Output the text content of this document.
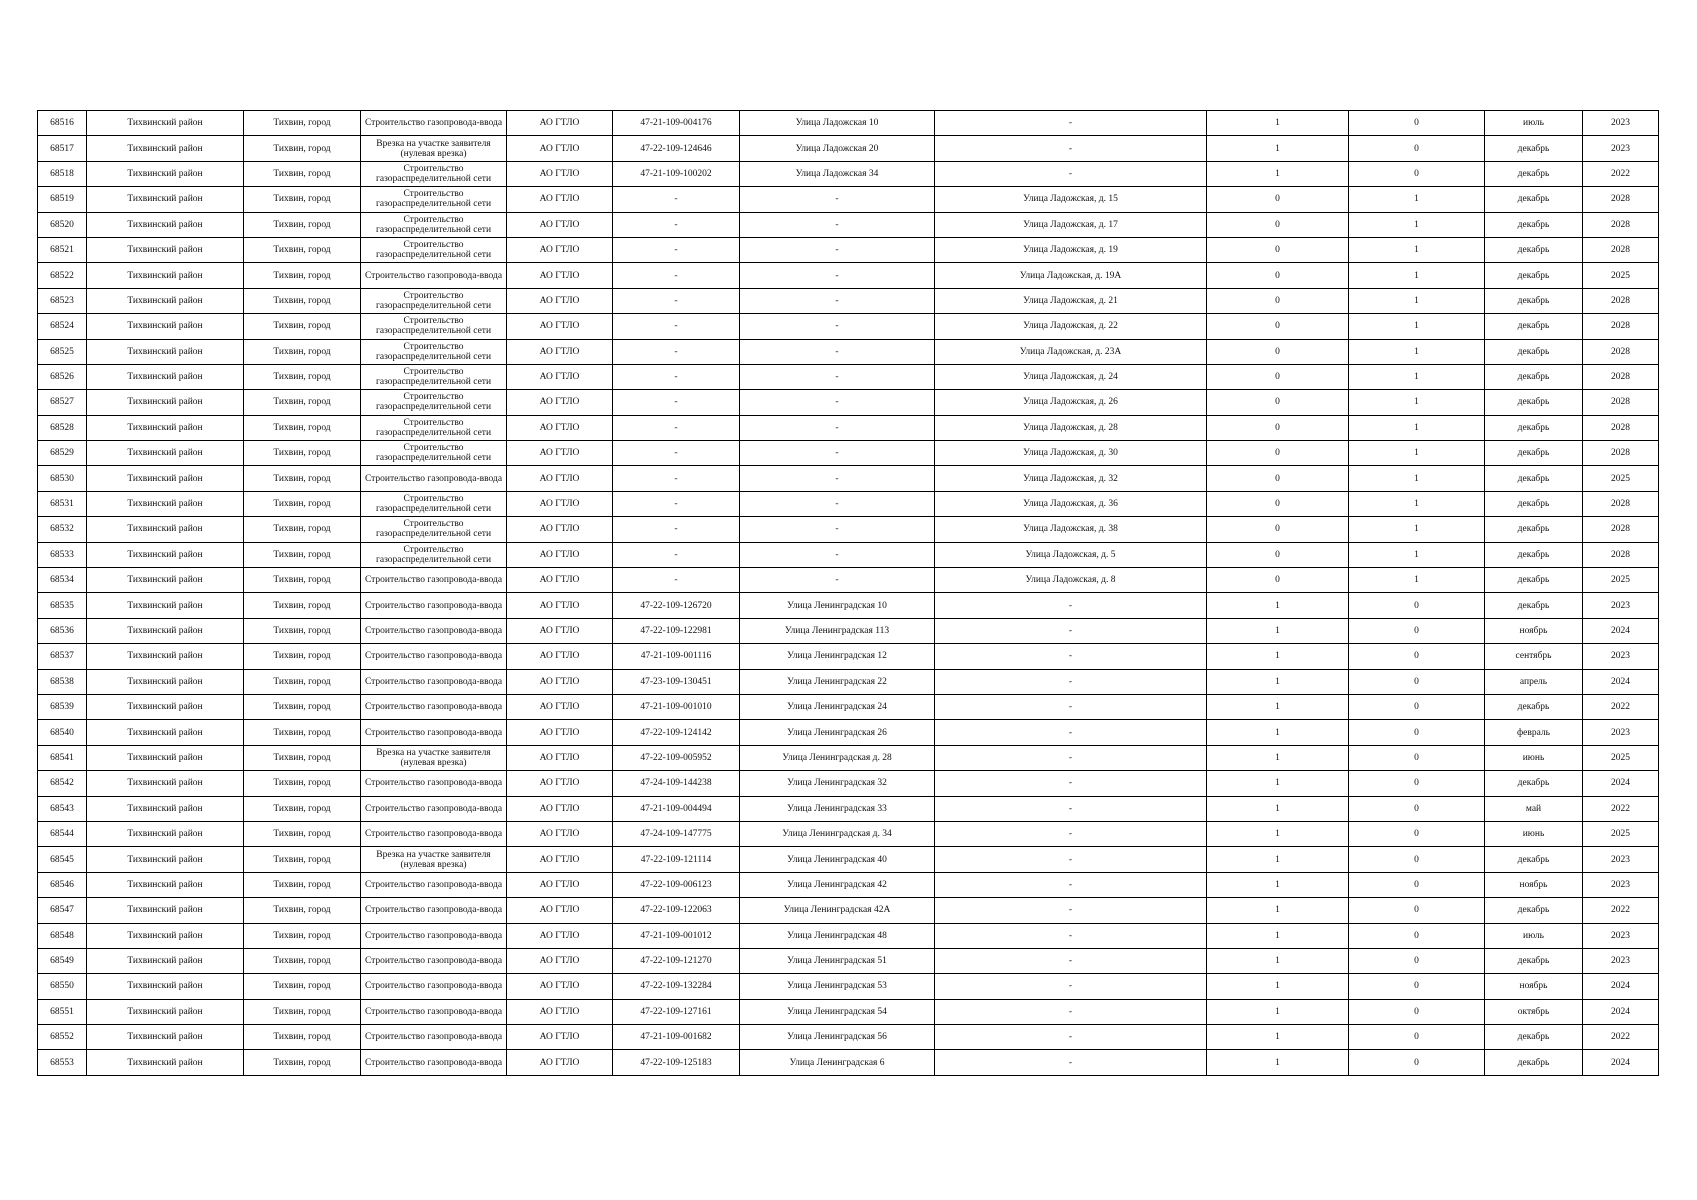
68516	Тихвинский район	Тихвин, город	Строительство газопровода-ввода	АО ГТЛО	47-21-109-004176	Улица Ладожская 10	-	1	0	июль	2023
68517	Тихвинский район	Тихвин, город	Врезка на участке заявителя (нулевая врезка)	АО ГТЛО	47-22-109-124646	Улица Ладожская 20	-	1	0	декабрь	2023
68518	Тихвинский район	Тихвин, город	Строительство газораспределительной сети	АО ГТЛО	47-21-109-100202	Улица Ладожская 34	-	1	0	декабрь	2022
68519	Тихвинский район	Тихвин, город	Строительство газораспределительной сети	АО ГТЛО	-	-	Улица Ладожская, д. 15	0	1	декабрь	2028
68520	Тихвинский район	Тихвин, город	Строительство газораспределительной сети	АО ГТЛО	-	-	Улица Ладожская, д. 17	0	1	декабрь	2028
68521	Тихвинский район	Тихвин, город	Строительство газораспределительной сети	АО ГТЛО	-	-	Улица Ладожская, д. 19	0	1	декабрь	2028
68522	Тихвинский район	Тихвин, город	Строительство газопровода-ввода	АО ГТЛО	-	-	Улица Ладожская, д. 19А	0	1	декабрь	2025
68523	Тихвинский район	Тихвин, город	Строительство газораспределительной сети	АО ГТЛО	-	-	Улица Ладожская, д. 21	0	1	декабрь	2028
68524	Тихвинский район	Тихвин, город	Строительство газораспределительной сети	АО ГТЛО	-	-	Улица Ладожская, д. 22	0	1	декабрь	2028
68525	Тихвинский район	Тихвин, город	Строительство газораспределительной сети	АО ГТЛО	-	-	Улица Ладожская, д. 23А	0	1	декабрь	2028
68526	Тихвинский район	Тихвин, город	Строительство газораспределительной сети	АО ГТЛО	-	-	Улица Ладожская, д. 24	0	1	декабрь	2028
68527	Тихвинский район	Тихвин, город	Строительство газораспределительной сети	АО ГТЛО	-	-	Улица Ладожская, д. 26	0	1	декабрь	2028
68528	Тихвинский район	Тихвин, город	Строительство газораспределительной сети	АО ГТЛО	-	-	Улица Ладожская, д. 28	0	1	декабрь	2028
68529	Тихвинский район	Тихвин, город	Строительство газораспределительной сети	АО ГТЛО	-	-	Улица Ладожская, д. 30	0	1	декабрь	2028
68530	Тихвинский район	Тихвин, город	Строительство газопровода-ввода	АО ГТЛО	-	-	Улица Ладожская, д. 32	0	1	декабрь	2025
68531	Тихвинский район	Тихвин, город	Строительство газораспределительной сети	АО ГТЛО	-	-	Улица Ладожская, д. 36	0	1	декабрь	2028
68532	Тихвинский район	Тихвин, город	Строительство газораспределительной сети	АО ГТЛО	-	-	Улица Ладожская, д. 38	0	1	декабрь	2028
68533	Тихвинский район	Тихвин, город	Строительство газораспределительной сети	АО ГТЛО	-	-	Улица Ладожская, д. 5	0	1	декабрь	2028
68534	Тихвинский район	Тихвин, город	Строительство газопровода-ввода	АО ГТЛО	-	-	Улица Ладожская, д. 8	0	1	декабрь	2025
68535	Тихвинский район	Тихвин, город	Строительство газопровода-ввода	АО ГТЛО	47-22-109-126720	Улица Ленинградская 10	-	1	0	декабрь	2023
68536	Тихвинский район	Тихвин, город	Строительство газопровода-ввода	АО ГТЛО	47-22-109-122981	Улица Ленинградская 113	-	1	0	ноябрь	2024
68537	Тихвинский район	Тихвин, город	Строительство газопровода-ввода	АО ГТЛО	47-21-109-001116	Улица Ленинградская 12	-	1	0	сентябрь	2023
68538	Тихвинский район	Тихвин, город	Строительство газопровода-ввода	АО ГТЛО	47-23-109-130451	Улица Ленинградская 22	-	1	0	апрель	2024
68539	Тихвинский район	Тихвин, город	Строительство газопровода-ввода	АО ГТЛО	47-21-109-001010	Улица Ленинградская 24	-	1	0	декабрь	2022
68540	Тихвинский район	Тихвин, город	Строительство газопровода-ввода	АО ГТЛО	47-22-109-124142	Улица Ленинградская 26	-	1	0	февраль	2023
68541	Тихвинский район	Тихвин, город	Врезка на участке заявителя (нулевая врезка)	АО ГТЛО	47-22-109-005952	Улица Ленинградская д. 28	-	1	0	июнь	2025
68542	Тихвинский район	Тихвин, город	Строительство газопровода-ввода	АО ГТЛО	47-24-109-144238	Улица Ленинградская 32	-	1	0	декабрь	2024
68543	Тихвинский район	Тихвин, город	Строительство газопровода-ввода	АО ГТЛО	47-21-109-004494	Улица Ленинградская 33	-	1	0	май	2022
68544	Тихвинский район	Тихвин, город	Строительство газопровода-ввода	АО ГТЛО	47-24-109-147775	Улица Ленинградская д. 34	-	1	0	июнь	2025
68545	Тихвинский район	Тихвин, город	Врезка на участке заявителя (нулевая врезка)	АО ГТЛО	47-22-109-121114	Улица Ленинградская 40	-	1	0	декабрь	2023
68546	Тихвинский район	Тихвин, город	Строительство газопровода-ввода	АО ГТЛО	47-22-109-006123	Улица Ленинградская 42	-	1	0	ноябрь	2023
68547	Тихвинский район	Тихвин, город	Строительство газопровода-ввода	АО ГТЛО	47-22-109-122063	Улица Ленинградская 42А	-	1	0	декабрь	2022
68548	Тихвинский район	Тихвин, город	Строительство газопровода-ввода	АО ГТЛО	47-21-109-001012	Улица Ленинградская 48	-	1	0	июль	2023
68549	Тихвинский район	Тихвин, город	Строительство газопровода-ввода	АО ГТЛО	47-22-109-121270	Улица Ленинградская 51	-	1	0	декабрь	2023
68550	Тихвинский район	Тихвин, город	Строительство газопровода-ввода	АО ГТЛО	47-22-109-132284	Улица Ленинградская 53	-	1	0	ноябрь	2024
68551	Тихвинский район	Тихвин, город	Строительство газопровода-ввода	АО ГТЛО	47-22-109-127161	Улица Ленинградская 54	-	1	0	октябрь	2024
68552	Тихвинский район	Тихвин, город	Строительство газопровода-ввода	АО ГТЛО	47-21-109-001682	Улица Ленинградская 56	-	1	0	декабрь	2022
68553	Тихвинский район	Тихвин, город	Строительство газопровода-ввода	АО ГТЛО	47-22-109-125183	Улица Ленинградская 6	-	1	0	декабрь	2024
